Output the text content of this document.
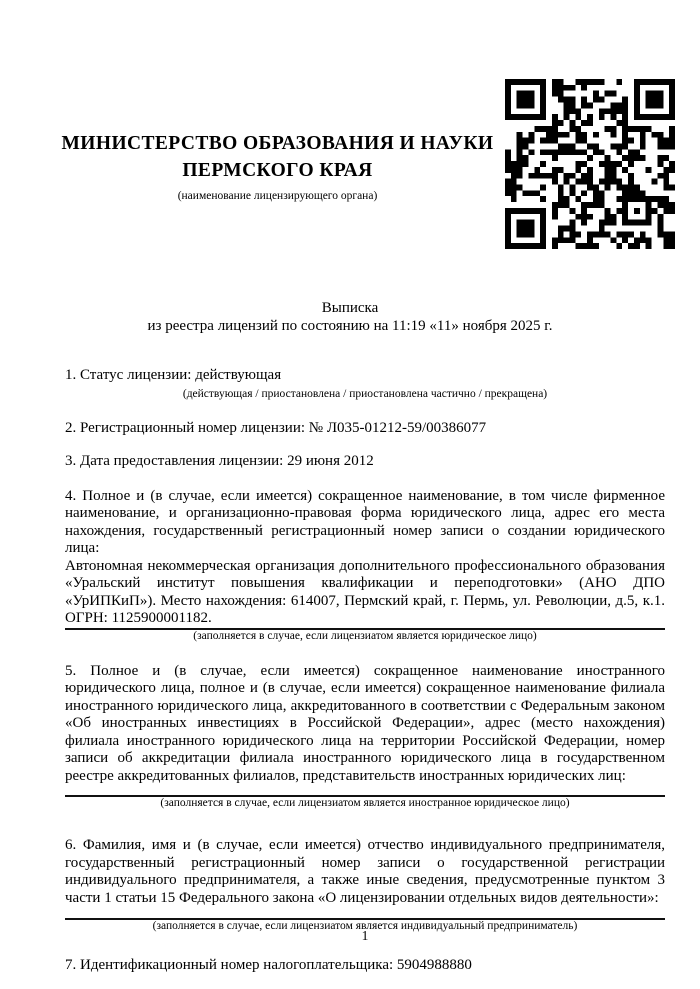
МИНИСТЕРСТВО ОБРАЗОВАНИЯ И НАУКИ
ПЕРМСКОГО КРАЯ
(наименование лицензирующего органа)
Выписка
из реестра лицензий по состоянию на 11:19 «11» ноября 2025 г.
1. Статус лицензии: действующая
(действующая / приостановлена / приостановлена частично / прекращена)
2. Регистрационный номер лицензии: № Л035-01212-59/00386077
3. Дата предоставления лицензии: 29 июня 2012
4. Полное и (в случае, если имеется) сокращенное наименование, в том числе фирменное наименование, и организационно-правовая форма юридического лица, адрес его места нахождения, государственный регистрационный номер записи о создании юридического лица:
Автономная некоммерческая организация дополнительного профессионального образования «Уральский институт повышения квалификации и переподготовки» (АНО ДПО «УрИПКиП»). Место нахождения: 614007, Пермский край, г. Пермь, ул. Революции, д.5, к.1. ОГРН: 1125900001182.
(заполняется в случае, если лицензиатом является юридическое лицо)
5. Полное и (в случае, если имеется) сокращенное наименование иностранного юридического лица, полное и (в случае, если имеется) сокращенное наименование филиала иностранного юридического лица, аккредитованного в соответствии с Федеральным законом «Об иностранных инвестициях в Российской Федерации», адрес (место нахождения) филиала иностранного юридического лица на территории Российской Федерации, номер записи об аккредитации филиала иностранного юридического лица в государственном реестре аккредитованных филиалов, представительств иностранных юридических лиц:
(заполняется в случае, если лицензиатом является иностранное юридическое лицо)
6. Фамилия, имя и (в случае, если имеется) отчество индивидуального предпринимателя, государственный регистрационный номер записи о государственной регистрации индивидуального предпринимателя, а также иные сведения, предусмотренные пунктом 3 части 1 статьи 15 Федерального закона «О лицензировании отдельных видов деятельности»:
(заполняется в случае, если лицензиатом является индивидуальный предприниматель)
7. Идентификационный номер налогоплательщика: 5904988880
1
